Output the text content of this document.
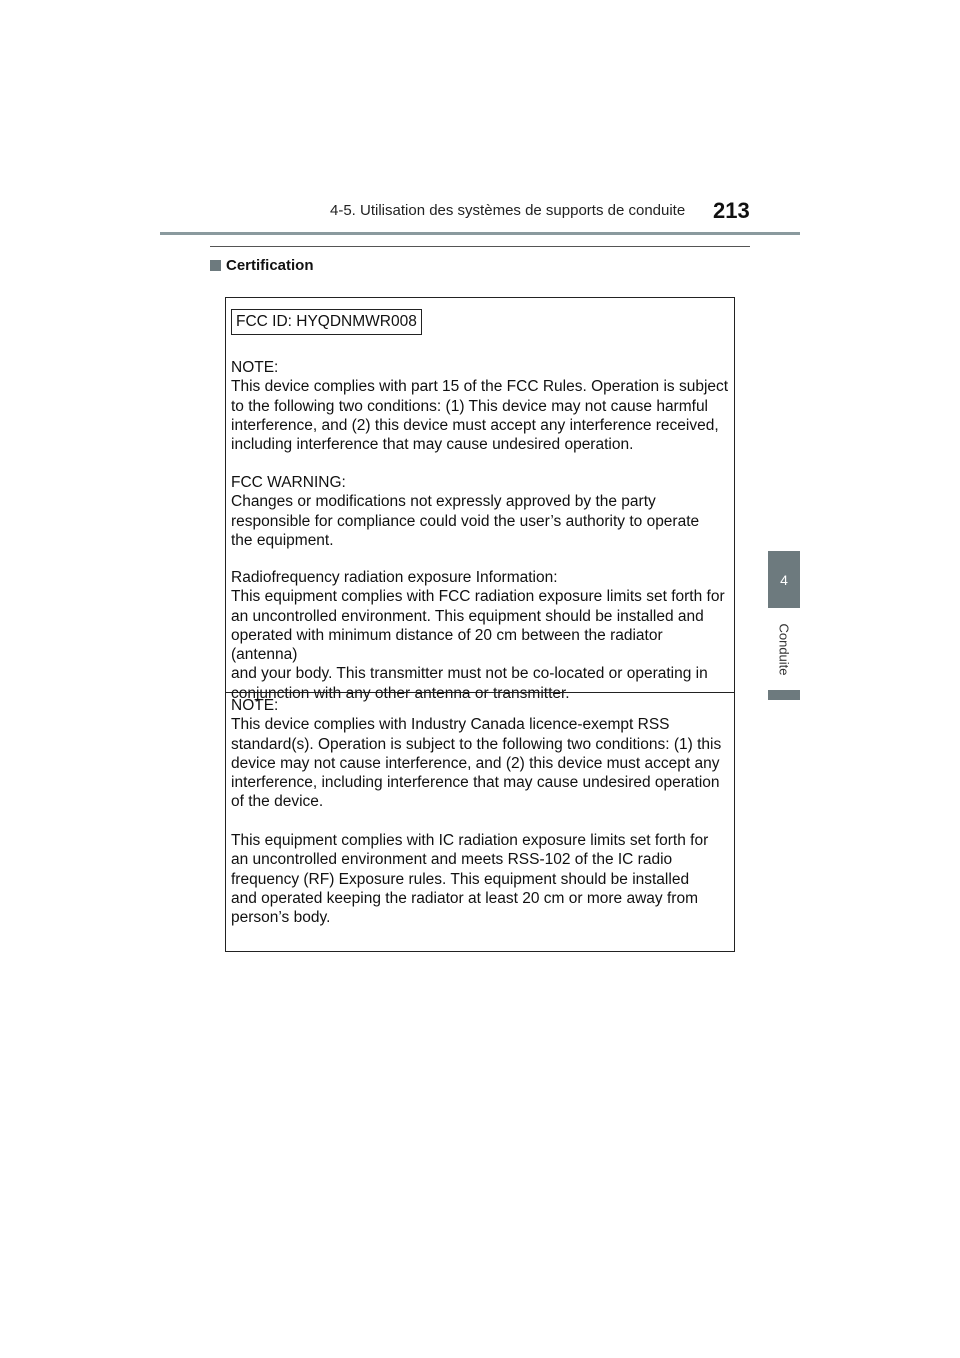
4-5. Utilisation des systèmes de supports de conduite 213
4
Conduite
Certification
FCC ID: HYQDNMWR008
NOTE:
This device complies with part 15 of the FCC Rules. Operation is subject
to the following two conditions: (1) This device may not cause harmful
interference, and (2) this device must accept any interference received,
including interference that may cause undesired operation.
FCC WARNING:
Changes or modifications not expressly approved by the party
responsible for compliance could void the user’s authority to operate
the equipment.
Radiofrequency radiation exposure Information:
This equipment complies with FCC radiation exposure limits set forth for
an uncontrolled environment. This equipment should be installed and
operated with minimum distance of 20 cm between the radiator (antenna)
and your body. This transmitter must not be co-located or operating in
conjunction with any other antenna or transmitter.
NOTE:
This device complies with Industry Canada licence-exempt RSS
standard(s). Operation is subject to the following two conditions: (1) this
device may not cause interference, and (2) this device must accept any
interference, including interference that may cause undesired operation
of the device.
This equipment complies with IC radiation exposure limits set forth for
an uncontrolled environment and meets RSS-102 of the IC radio
frequency (RF) Exposure rules. This equipment should be installed
and operated keeping the radiator at least 20 cm or more away from
person’s body.
